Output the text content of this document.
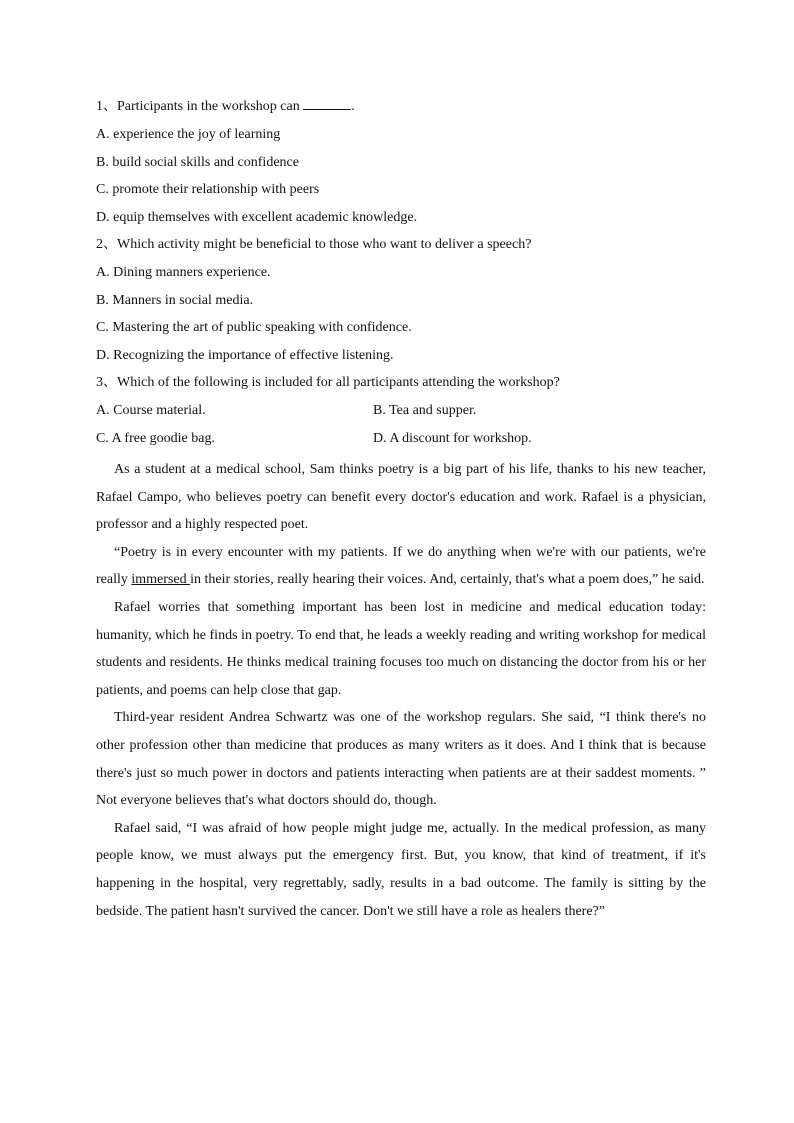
1、Participants in the workshop can	.
A. experience the joy of learning
B. build social skills and confidence
C. promote their relationship with peers
D. equip themselves with excellent academic knowledge.
2、Which activity might be beneficial to those who want to deliver a speech?
A. Dining manners experience.
B. Manners in social media.
C. Mastering the art of public speaking with confidence.
D. Recognizing the importance of effective listening.
3、Which of the following is included for all participants attending the workshop?
A. Course material.	B. Tea and supper.
C. A free goodie bag.	D. A discount for workshop.

As a student at a medical school, Sam thinks poetry is a big part of his life, thanks to his new teacher, Rafael Campo, who believes poetry can benefit every doctor's education and work. Rafael is a physician, professor and a highly respected poet.

“Poetry is in every encounter with my patients. If we do anything when we're with our patients, we're really immersed in their stories, really hearing their voices. And, certainly, that's what a poem does,” he said.

Rafael worries that something important has been lost in medicine and medical education today: humanity, which he finds in poetry. To end that, he leads a weekly reading and writing workshop for medical students and residents. He thinks medical training focuses too much on distancing the doctor from his or her patients, and poems can help close that gap.

Third-year resident Andrea Schwartz was one of the workshop regulars. She said, “I think there's no other profession other than medicine that produces as many writers as it does. And I think that is because there's just so much power in doctors and patients interacting when patients are at their saddest moments. ” Not everyone believes that's what doctors should do, though.

Rafael said, “I was afraid of how people might judge me, actually. In the medical profession, as many people know, we must always put the emergency first. But, you know, that kind of treatment, if it's happening in the hospital, very regrettably, sadly, results in a bad outcome. The family is sitting by the bedside. The patient hasn't survived the cancer. Don't we still have a role as healers there?”
